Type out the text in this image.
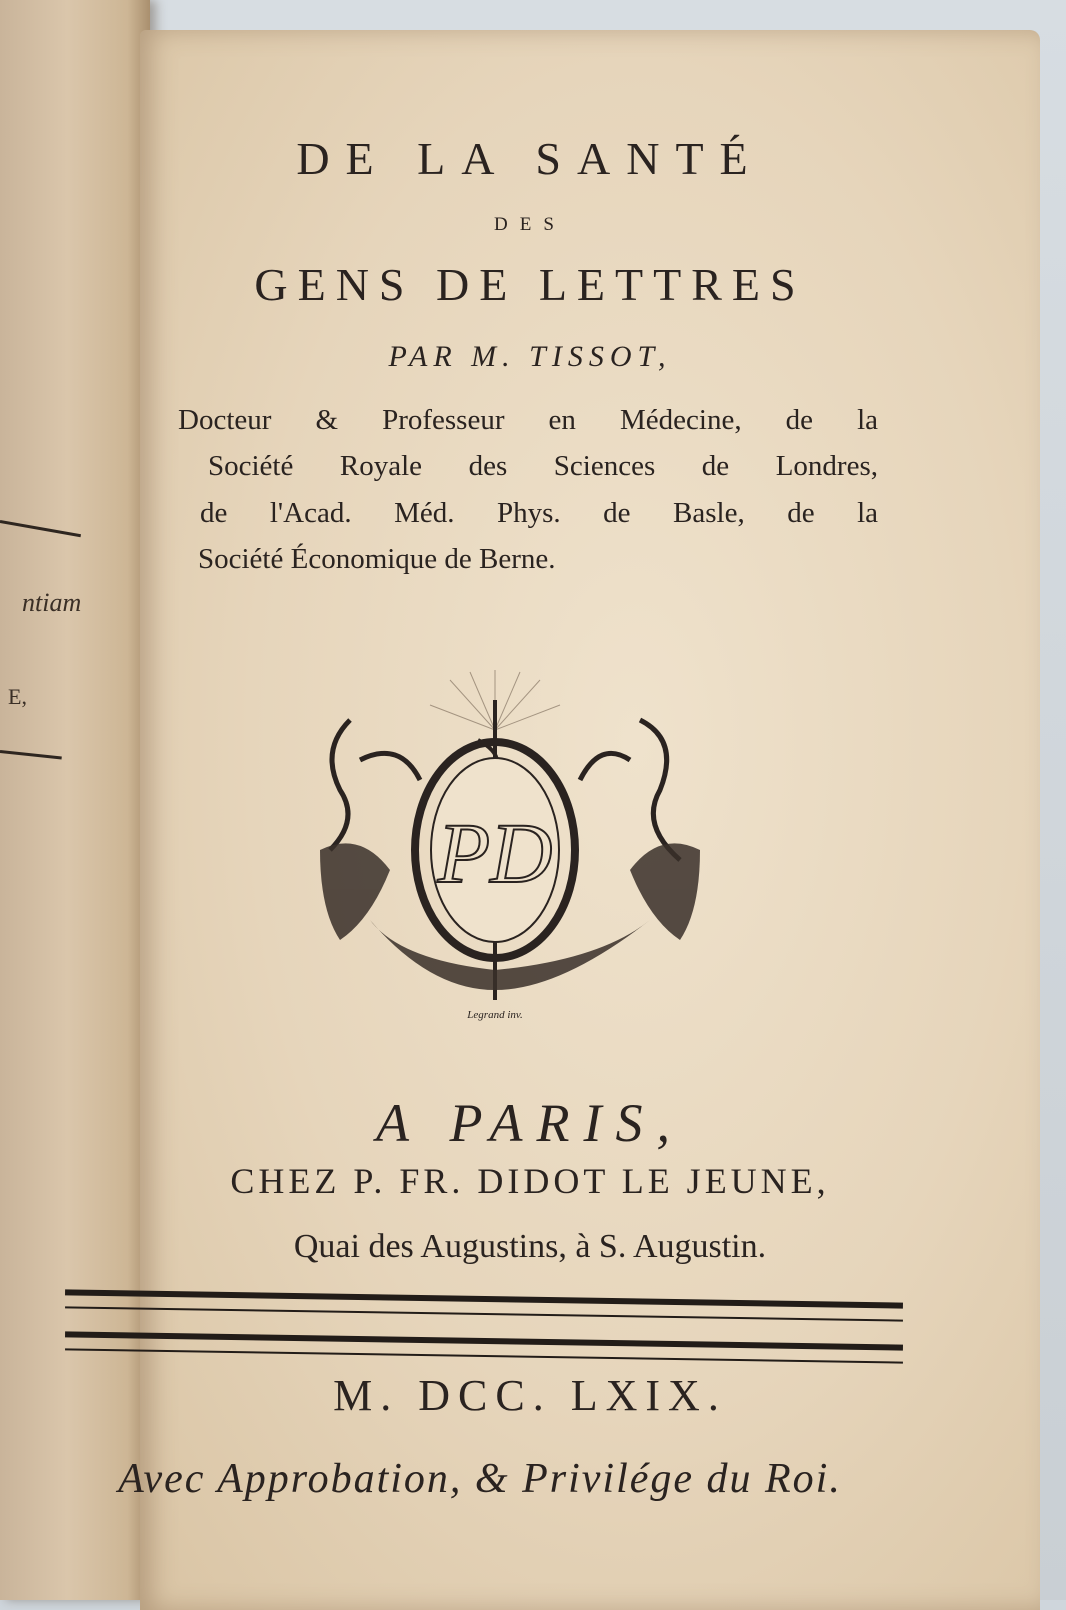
ntiam
E,
DE LA SANTÉ
DES
GENS DE LETTRES
PAR M. TISSOT,
Docteur & Professeur en Médecine, de la
Société Royale des Sciences de Londres,
de l'Acad. Méd. Phys. de Basle, de la
Société Économique de Berne.
PD
Legrand inv.
A PARIS,
CHEZ P. FR. DIDOT LE JEUNE,
Quai des Augustins, à S. Augustin.
M. DCC. LXIX.
Avec Approbation, & Privilége du Roi.
